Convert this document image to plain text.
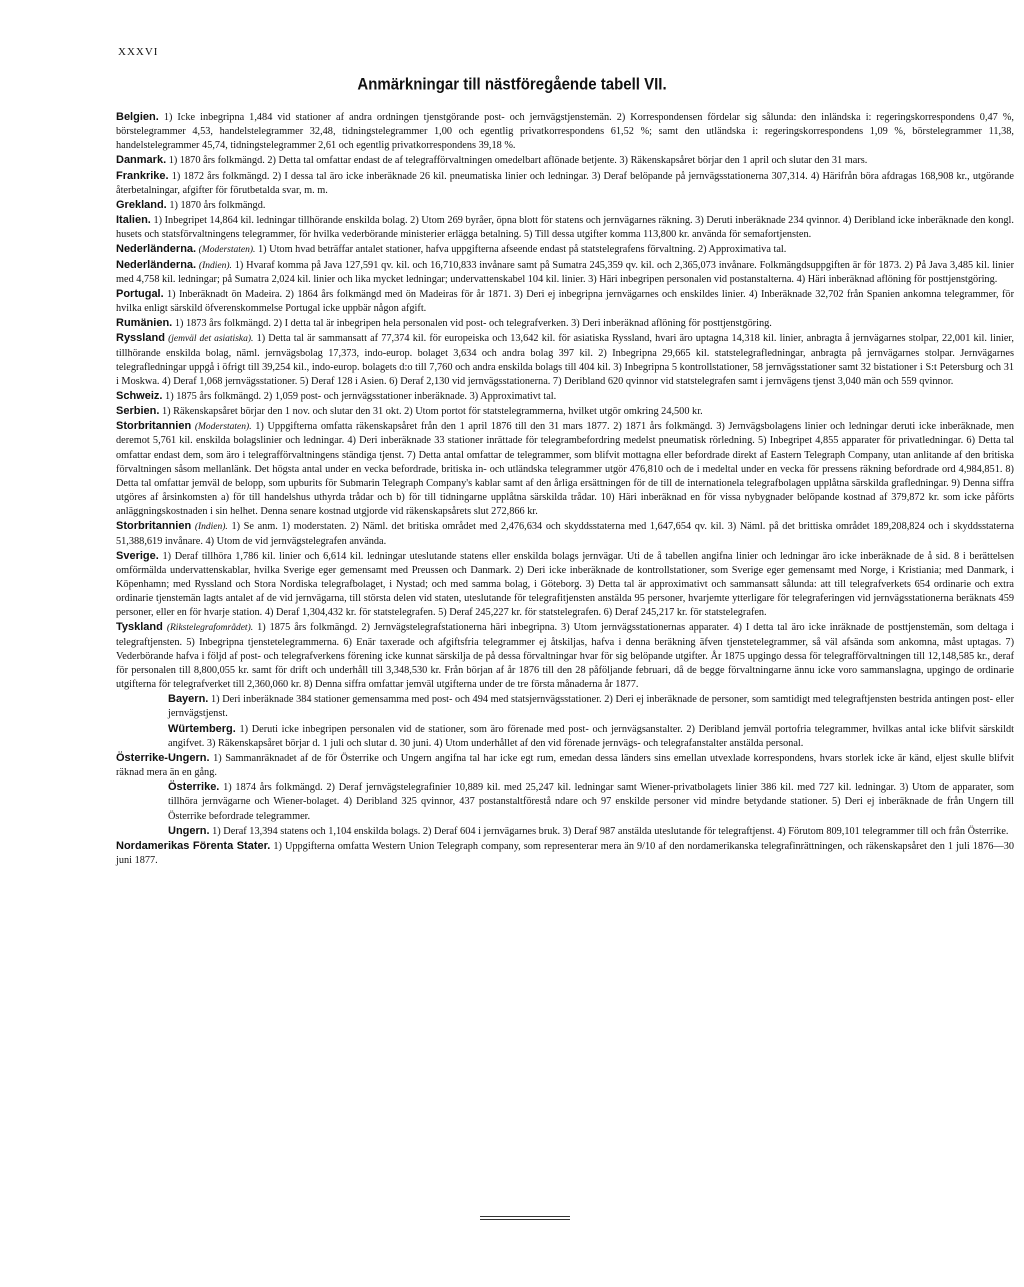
XXXVI
Anmärkningar till nästföregående tabell VII.

Belgien. 1) Icke inbegripna 1,484 vid stationer af andra ordningen tjenstgörande post- och jernvägstjenstemän. 2) Korrespondensen fördelar sig sålunda: den inländska i: regeringskorrespondens 0,47 %, börstelegrammer 4,53, handelstelegrammer 32,48, tidningstelegrammer 1,00 och egentlig privatkorrespondens 61,52 %; samt den utländska i: regeringskorrespondens 1,09 %, börstelegrammer 11,38, handelstelegrammer 45,74, tidningstelegrammer 2,61 och egentlig privatkorrespondens 39,18 %.

Danmark. 1) 1870 års folkmängd. 2) Detta tal omfattar endast de af telegrafförvaltningen omedelbart aflönade betjente. 3) Räkenskapsåret börjar den 1 april och slutar den 31 mars.

Frankrike. 1) 1872 års folkmängd. 2) I dessa tal äro icke inberäknade 26 kil. pneumatiska linier och ledningar. 3) Deraf belöpande på jernvägsstationerna 307,314. 4) Härifrån böra afdragas 168,908 kr., utgörande återbetalningar, afgifter för förutbetalda svar, m. m.

Grekland. 1) 1870 års folkmängd.

Italien. 1) Inbegripet 14,864 kil. ledningar tillhörande enskilda bolag. 2) Utom 269 byråer, öpna blott för statens och jernvägarnes räkning. 3) Deruti inberäknade 234 qvinnor. 4) Deribland icke inberäknade den kongl. husets och statsförvaltningens telegrammer, för hvilka vederbörande ministerier erlägga betalning. 5) Till dessa utgifter komma 113,800 kr. använda för semafortjensten.

Nederländerna. (Moderstaten). 1) Utom hvad beträffar antalet stationer, hafva uppgifterna afseende endast på statstelegrafens förvaltning. 2) Approximativa tal.

Nederländerna. (Indien). 1) Hvaraf komma på Java 127,591 qv. kil. och 16,710,833 invånare samt på Sumatra 245,359 qv. kil. och 2,365,073 invånare. Folkmängdsuppgiften är för 1873. 2) På Java 3,485 kil. linier med 4,758 kil. ledningar; på Sumatra 2,024 kil. linier och lika mycket ledningar; undervattenskabel 104 kil. linier. 3) Häri inbegripen personalen vid postanstalterna. 4) Häri inberäknad aflöning för posttjenstgöring.

Portugal. 1) Inberäknadt ön Madeira. 2) 1864 års folkmängd med ön Madeiras för år 1871. 3) Deri ej inbegripna jernvägarnes och enskildes linier. 4) Inberäknade 32,702 från Spanien ankomna telegrammer, för hvilka enligt särskild öfverenskommelse Portugal icke uppbär någon afgift.

Rumänien. 1) 1873 års folkmängd. 2) I detta tal är inbegripen hela personalen vid post- och telegrafverken. 3) Deri inberäknad aflöning för posttjenstgöring.

Ryssland (jemväl det asiatiska). 1) Detta tal är sammansatt af 77,374 kil. för europeiska och 13,642 kil. för asiatiska Ryssland, hvari äro uptagna 14,318 kil. linier, anbragta å jernvägarnes stolpar, 22,001 kil. linier, tillhörande enskilda bolag, näml. jernvägsbolag 17,373, indo-europ. bolaget 3,634 och andra bolag 397 kil. 2) Inbegripna 29,665 kil. statstelegrafledningar, anbragta på jernvägarnes stolpar. Jernvägarnes telegrafledningar uppgå i öfrigt till 39,254 kil., indo-europ. bolagets d:o till 7,760 och andra enskilda bolags till 404 kil. 3) Inbegripna 5 kontrollstationer, 58 jernvägsstationer samt 32 bistationer i S:t Petersburg och 31 i Moskwa. 4) Deraf 1,068 jernvägsstationer. 5) Deraf 128 i Asien. 6) Deraf 2,130 vid jernvägsstationerna. 7) Deribland 620 qvinnor vid statstelegrafen samt i jernvägens tjenst 3,040 män och 559 qvinnor.

Schweiz. 1) 1875 års folkmängd. 2) 1,059 post- och jernvägsstationer inberäknade. 3) Approximativt tal.

Serbien. 1) Räkenskapsåret börjar den 1 nov. och slutar den 31 okt. 2) Utom portot för statstelegrammerna, hvilket utgör omkring 24,500 kr.

Storbritannien (Moderstaten). 1) Uppgifterna omfatta räkenskapsåret från den 1 april 1876 till den 31 mars 1877. 2) 1871 års folkmängd. 3) Jernvägsbolagens linier och ledningar deruti icke inberäknade, men deremot 5,761 kil. enskilda bolagslinier och ledningar. 4) Deri inberäknade 33 stationer inrättade för telegrambefordring medelst pneumatisk rörledning. 5) Inbegripet 4,855 apparater för privatledningar. 6) Detta tal omfattar endast dem, som äro i telegrafförvaltningens ständiga tjenst. 7) Detta antal omfattar de telegrammer, som blifvit mottagna eller befordrade direkt af Eastern Telegraph Company, utan anlitande af den britiska förvaltningen såsom mellanlänk. Det högsta antal under en vecka befordrade, britiska in- och utländska telegrammer utgör 476,810 och de i medeltal under en vecka för pressens räkning befordrade ord 4,984,851. 8) Detta tal omfattar jemväl de belopp, som upburits för Submarin Telegraph Company's kablar samt af den årliga ersättningen för de till de internationela telegrafbolagen upplåtna särskilda grafledningar. 9) Denna siffra utgöres af årsinkomsten a) för till handelshus uthyrda trådar och b) för till tidningarne upplåtna särskilda trådar. 10) Häri inberäknad en för vissa nybygnader belöpande kostnad af 379,872 kr. som icke påförts anläggningskostnaden i sin helhet. Denna senare kostnad utgjorde vid räkenskapsårets slut 272,866 kr.

Storbritannien (Indien). 1) Se anm. 1) moderstaten. 2) Näml. det britiska området med 2,476,634 och skyddsstaterna med 1,647,654 qv. kil. 3) Näml. på det brittiska området 189,208,824 och i skyddsstaterna 51,388,619 invånare. 4) Utom de vid jernvägstelegrafen använda.

Sverige. 1) Deraf tillhöra 1,786 kil. linier och 6,614 kil. ledningar uteslutande statens eller enskilda bolags jernvägar. Uti de å tabellen angifna linier och ledningar äro icke inberäknade de å sid. 8 i berättelsen omförmälda undervattenskablar, hvilka Sverige eger gemensamt med Preussen och Danmark. 2) Deri icke inberäknade de kontrollstationer, som Sverige eger gemensamt med Norge, i Kristiania; med Danmark, i Köpenhamn; med Ryssland och Stora Nordiska telegrafbolaget, i Nystad; och med samma bolag, i Göteborg. 3) Detta tal är approximativt och sammansatt sålunda: att till telegrafverkets 654 ordinarie och extra ordinarie tjenstemän lagts antalet af de vid jernvägarna, till största delen vid staten, uteslutande för telegrafitjensten anstälda 95 personer, hvarjemte ytterligare för telegraferingen vid jernvägsstationerna beräknats 459 personer, eller en för hvarje station. 4) Deraf 1,304,432 kr. för statstelegrafen. 5) Deraf 245,227 kr. för statstelegrafen. 6) Deraf 245,217 kr. för statstelegrafen.

Tyskland (Rikstelegrafområdet). 1) 1875 års folkmängd. 2) Jernvägstelegrafstationerna häri inbegripna. 3) Utom jernvägsstationernas apparater. 4) I detta tal äro icke inräknade de posttjenstemän, som deltaga i telegraftjensten. 5) Inbegripna tjenstetelegrammerna. 6) Enär taxerade och afgiftsfria telegrammer ej åtskiljas, hafva i denna beräkning äfven tjenstetelegrammer, så väl afsända som ankomna, måst uptagas. 7) Vederbörande hafva i följd af post- och telegrafverkens förening icke kunnat särskilja de på dessa förvaltningar hvar för sig belöpande utgifter. År 1875 upgingo dessa för telegrafförvaltningen till 12,148,585 kr., deraf för personalen till 8,800,055 kr. samt för drift och underhåll till 3,348,530 kr. Från början af år 1876 till den 28 påföljande februari, då de begge förvaltningarne ännu icke voro sammanslagna, upgingo de ordinarie utgifterna för telegrafverket till 2,360,060 kr. 8) Denna siffra omfattar jemväl utgifterna under de tre första månaderna år 1877.

Bayern. 1) Deri inberäknade 384 stationer gemensamma med post- och 494 med statsjernvägsstationer. 2) Deri ej inberäknade de personer, som samtidigt med telegraftjensten bestrida antingen post- eller jernvägstjenst.

Würtemberg. 1) Deruti icke inbegripen personalen vid de stationer, som äro förenade med post- och jernvägsanstalter. 2) Deribland jemväl portofria telegrammer, hvilkas antal icke blifvit särskildt angifvet. 3) Räkenskapsåret börjar d. 1 juli och slutar d. 30 juni. 4) Utom underhållet af den vid förenade jernvägs- och telegrafanstalter anstälda personal.

Österrike-Ungern. 1) Sammanräknadet af de för Österrike och Ungern angifna tal har icke egt rum, emedan dessa länders sins emellan utvexlade korrespondens, hvars storlek icke är känd, eljest skulle blifvit räknad mera än en gång.

Österrike. 1) 1874 års folkmängd. 2) Deraf jernvägstelegrafinier 10,889 kil. med 25,247 kil. ledningar samt Wiener-privatbolagets linier 386 kil. med 727 kil. ledningar. 3) Utom de apparater, som tillhöra jernvägarne och Wiener-bolaget. 4) Deribland 325 qvinnor, 437 postanstaltförestå ndare och 97 enskilde personer vid mindre betydande stationer. 5) Deri ej inberäknade de från Ungern till Österrike befordrade telegrammer.

Ungern. 1) Deraf 13,394 statens och 1,104 enskilda bolags. 2) Deraf 604 i jernvägarnes bruk. 3) Deraf 987 anstälda uteslutande för telegraftjenst. 4) Förutom 809,101 telegrammer till och från Österrike.

Nordamerikas Förenta Stater. 1) Uppgifterna omfatta Western Union Telegraph company, som representerar mera än 9/10 af den nordamerikanska telegrafinrättningen, och räkenskapsåret den 1 juli 1876—30 juni 1877.
